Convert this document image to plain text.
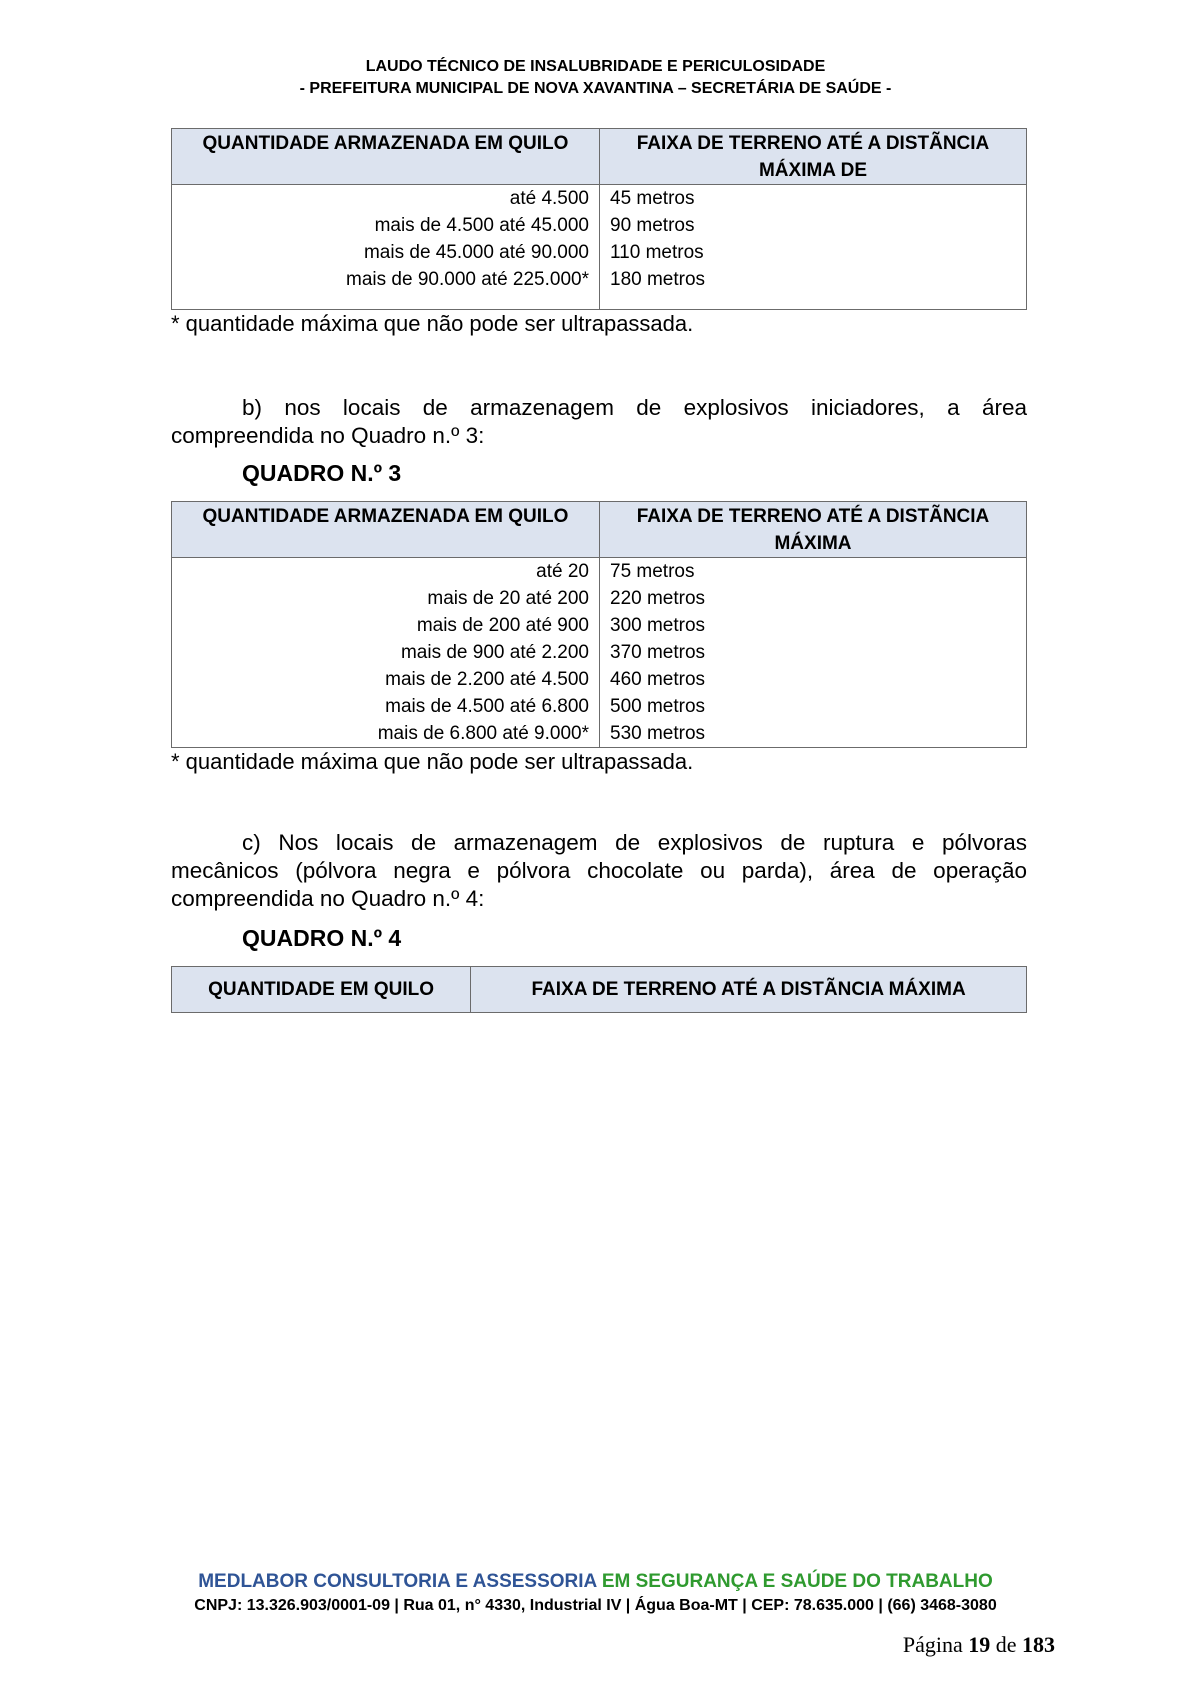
LAUDO TÉCNICO DE INSALUBRIDADE E PERICULOSIDADE
- PREFEITURA MUNICIPAL DE NOVA XAVANTINA – SECRETÁRIA DE SAÚDE -
QUANTIDADE ARMAZENADA EM QUILO	FAIXA DE TERRENO ATÉ A DISTÃNCIA MÁXIMA DE
até 4.500	45 metros
mais de 4.500 até 45.000	90 metros
mais de 45.000 até 90.000	110 metros
mais de 90.000 até 225.000*	180 metros

* quantidade máxima que não pode ser ultrapassada.

b) nos locais de armazenagem de explosivos iniciadores, a área compreendida no Quadro n.º 3:

QUADRO N.º 3
QUANTIDADE ARMAZENADA EM QUILO	FAIXA DE TERRENO ATÉ A DISTÃNCIA MÁXIMA
até 20	75 metros
mais de 20 até 200	220 metros
mais de 200 até 900	300 metros
mais de 900 até 2.200	370 metros
mais de 2.200 até 4.500	460 metros
mais de 4.500 até 6.800	500 metros
mais de 6.800 até 9.000*	530 metros
* quantidade máxima que não pode ser ultrapassada.

c) Nos locais de armazenagem de explosivos de ruptura e pólvoras mecânicos (pólvora negra e pólvora chocolate ou parda), área de operação compreendida no Quadro n.º 4:

QUADRO N.º 4
QUANTIDADE EM QUILO	FAIXA DE TERRENO ATÉ A DISTÃNCIA MÁXIMA
MEDLABOR CONSULTORIA E ASSESSORIA EM SEGURANÇA E SAÚDE DO TRABALHO
CNPJ: 13.326.903/0001-09 | Rua 01, n° 4330, Industrial IV | Água Boa-MT | CEP: 78.635.000 | (66) 3468-3080
Página 19 de 183
